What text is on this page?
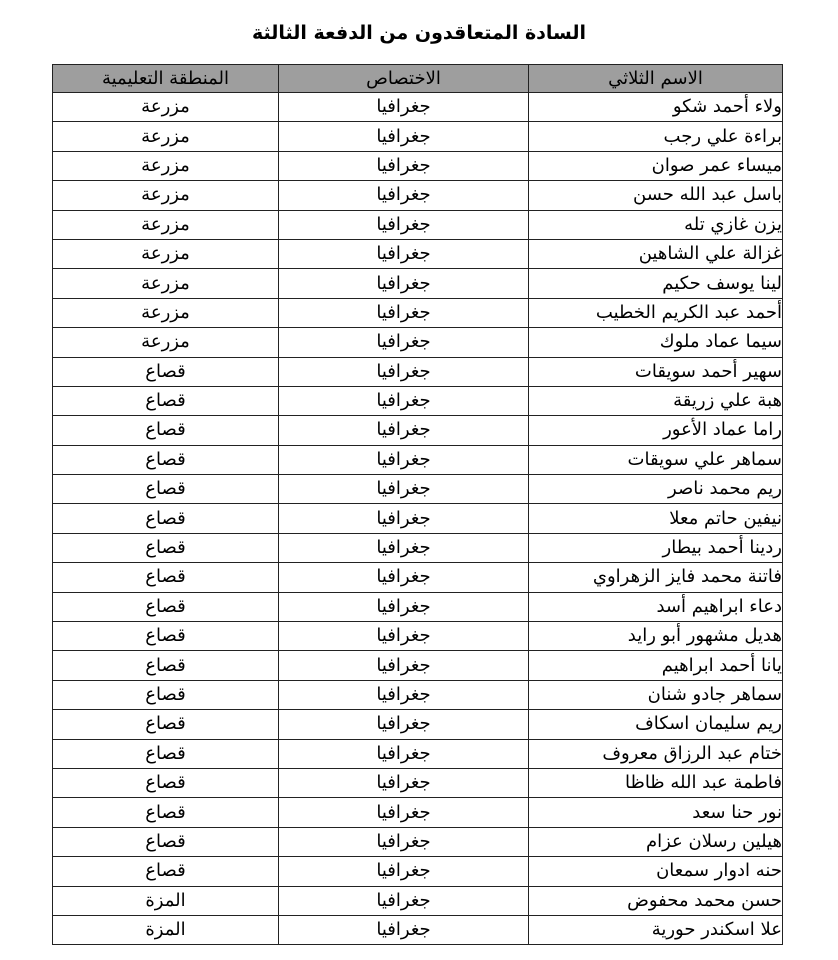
السادة المتعاقدون من الدفعة الثالثة
الاسم الثلاثي	الاختصاص	المنطقة التعليمية
ولاء أحمد شكو	جغرافيا	مزرعة
براءة علي رجب	جغرافيا	مزرعة
ميساء عمر صوان	جغرافيا	مزرعة
باسل عبد الله حسن	جغرافيا	مزرعة
يزن غازي تله	جغرافيا	مزرعة
غزالة علي الشاهين	جغرافيا	مزرعة
لينا يوسف حكيم	جغرافيا	مزرعة
أحمد عبد الكريم الخطيب	جغرافيا	مزرعة
سيما عماد ملوك	جغرافيا	مزرعة
سهير أحمد سويقات	جغرافيا	قصاع
هبة علي زريقة	جغرافيا	قصاع
راما عماد الأعور	جغرافيا	قصاع
سماهر علي سويقات	جغرافيا	قصاع
ريم محمد ناصر	جغرافيا	قصاع
نيفين حاتم معلا	جغرافيا	قصاع
ردينا أحمد بيطار	جغرافيا	قصاع
فاتنة محمد فايز الزهراوي	جغرافيا	قصاع
دعاء ابراهيم أسد	جغرافيا	قصاع
هديل مشهور أبو رايد	جغرافيا	قصاع
يانا أحمد ابراهيم	جغرافيا	قصاع
سماهر جادو شنان	جغرافيا	قصاع
ريم سليمان اسكاف	جغرافيا	قصاع
ختام عبد الرزاق معروف	جغرافيا	قصاع
فاطمة عبد الله ظاظا	جغرافيا	قصاع
نور حنا سعد	جغرافيا	قصاع
هيلين رسلان عزام	جغرافيا	قصاع
حنه ادوار سمعان	جغرافيا	قصاع
حسن محمد محفوض	جغرافيا	المزة
علا اسكندر حورية	جغرافيا	المزة
